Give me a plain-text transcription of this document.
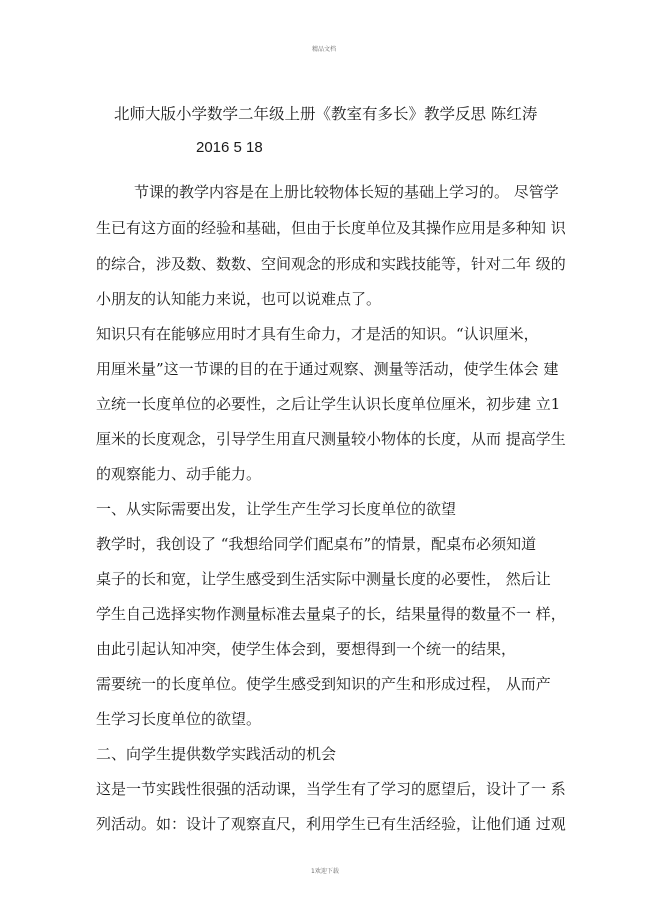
精品文档
北师大版小学数学二年级上册《教室有多长》教学反思 陈红涛
2016 5 18
节课的教学内容是在上册比较物体长短的基础上学习的。 尽管学
生已有这方面的经验和基础，但由于长度单位及其操作应用是多种知 识
的综合，涉及数、数数、空间观念的形成和实践技能等，针对二年 级的
小朋友的认知能力来说，也可以说难点了。
知识只有在能够应用时才具有生命力，才是活的知识。“认识厘米，
用厘米量”这一节课的目的在于通过观察、测量等活动，使学生体会 建
立统一长度单位的必要性，之后让学生认识长度单位厘米，初步建 立1
厘米的长度观念，引导学生用直尺测量较小物体的长度，从而 提高学生
的观察能力、动手能力。
一、从实际需要出发，让学生产生学习长度单位的欲望
教学时，我创设了 “我想给同学们配桌布”的情景，配桌布必须知道
桌子的长和宽，让学生感受到生活实际中测量长度的必要性， 然后让
学生自己选择实物作测量标准去量桌子的长，结果量得的数量不一 样，
由此引起认知冲突，使学生体会到，要想得到一个统一的结果，
需要统一的长度单位。使学生感受到知识的产生和形成过程， 从而产
生学习长度单位的欲望。
二、向学生提供数学实践活动的机会
这是一节实践性很强的活动课，当学生有了学习的愿望后，设计了一 系
列活动。如：设计了观察直尺，利用学生已有生活经验，让他们通 过观
1欢迎下载
